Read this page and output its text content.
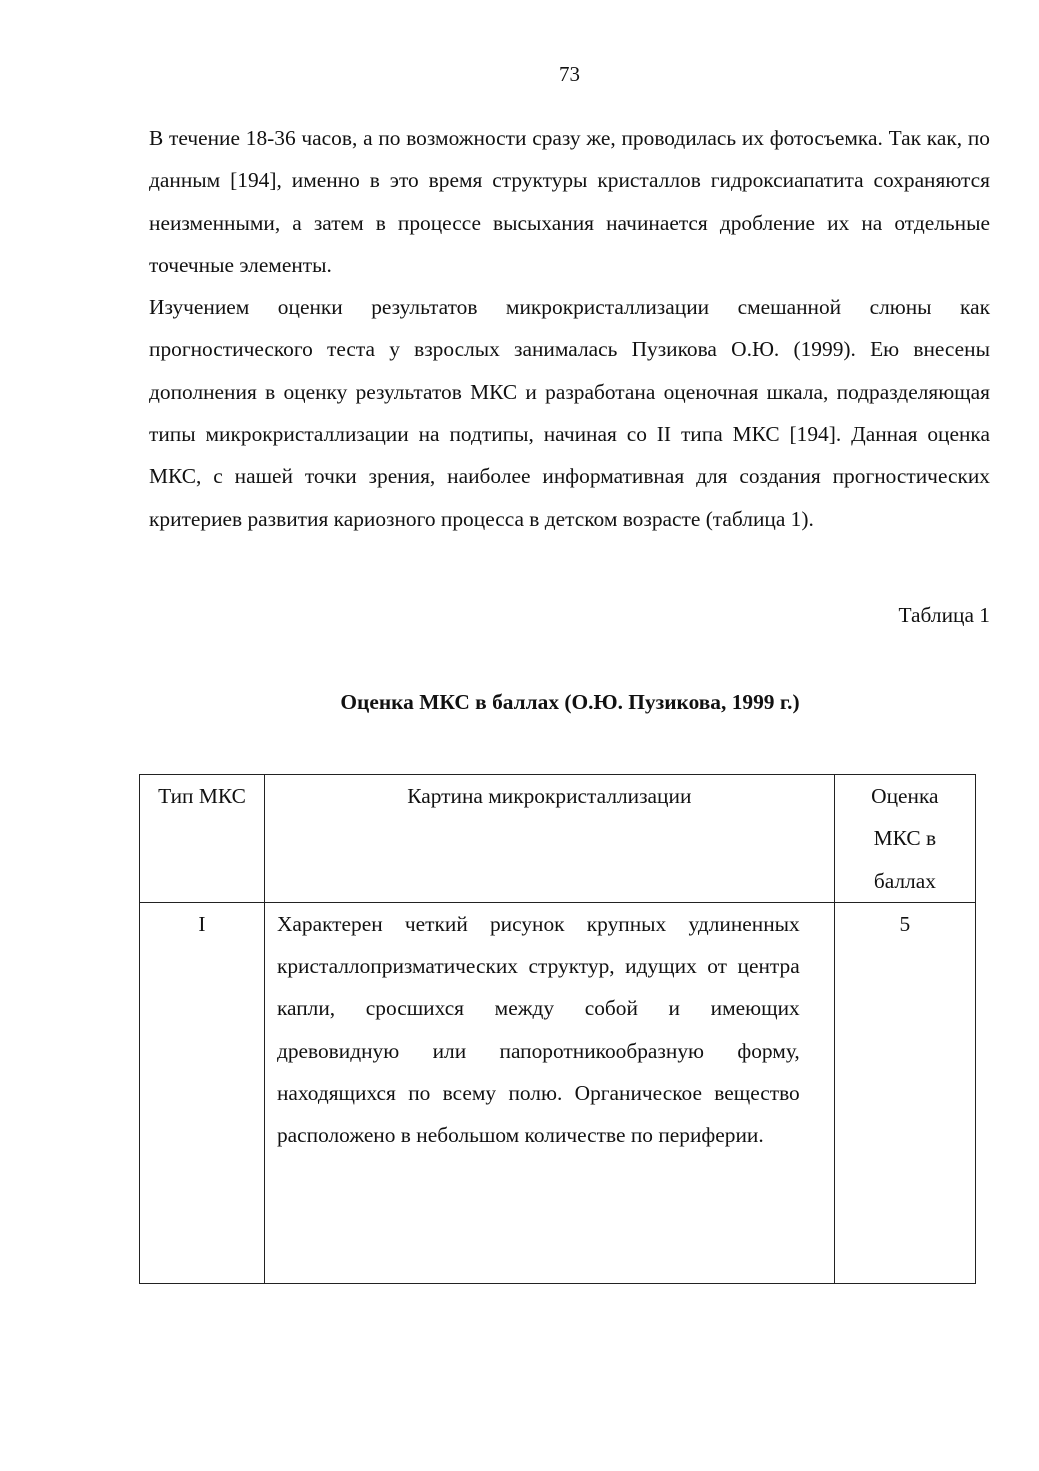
73

В течение 18-36 часов, а по возможности сразу же, проводилась их фотосъемка. Так как, по данным [194], именно в это время структуры кристаллов гидроксиапатита сохраняются неизменными, а затем в процессе высыхания начинается дробление их на отдельные точечные элементы.

Изучением оценки результатов микрокристаллизации смешанной слюны как прогностического теста у взрослых занималась Пузикова О.Ю. (1999). Ею внесены дополнения в оценку результатов МКС и разработана оценочная шкала, подразделяющая типы микрокристаллизации на подтипы, начиная со II типа МКС [194]. Данная оценка МКС, с нашей точки зрения, наиболее информативная для создания прогностических критериев развития кариозного процесса в детском возрасте (таблица 1).

Таблица 1
Оценка МКС в баллах (О.Ю. Пузикова, 1999 г.)
Тип МКС	Картина микрокристаллизации	Оценка МКС в баллах

I	Характерен четкий рисунок крупных удлиненных кристаллопризматических структур, идущих от центра капли, сросшихся между собой и имеющих древовидную или папоротникообразную форму, находящихся по всему полю. Органическое вещество расположено в небольшом количестве по периферии.	5
